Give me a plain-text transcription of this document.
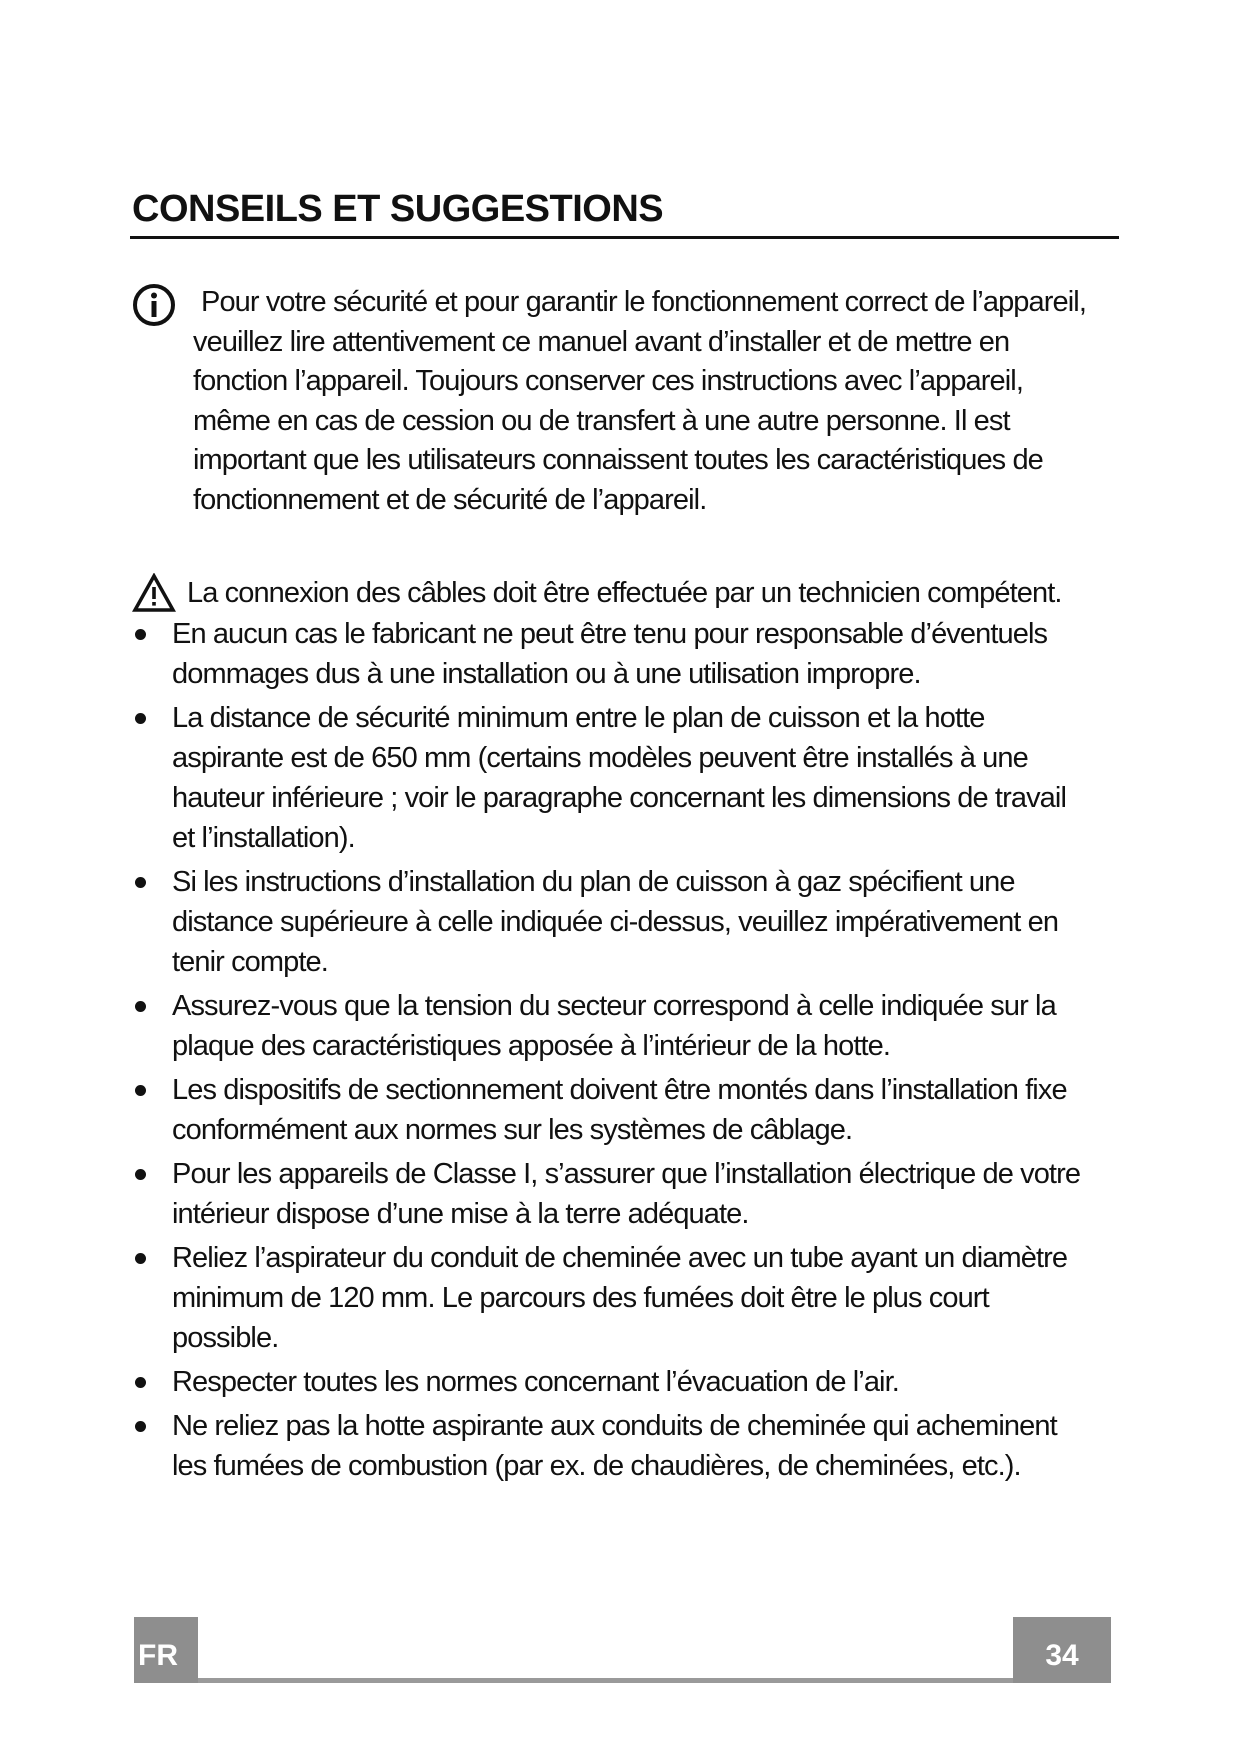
CONSEILS ET SUGGESTIONS

Pour votre sécurité et pour garantir le fonctionnement correct de l’appareil, veuillez lire attentivement ce manuel avant d’installer et de mettre en fonction l’appareil. Toujours conserver ces instructions avec l’appareil, même en cas de cession ou de transfert à une autre personne. Il est important que les utilisateurs connaissent toutes les caractéristiques de fonctionnement et de sécurité de l’appareil.

La connexion des câbles doit être effectuée par un technicien compétent.

En aucun cas le fabricant ne peut être tenu pour responsable d’éventuels dommages dus à une installation ou à une utilisation impropre.
La distance de sécurité minimum entre le plan de cuisson et la hotte aspirante est de 650 mm (certains modèles peuvent être installés à une hauteur inférieure ; voir le paragraphe concernant les dimensions de travail et l’installation).
Si les instructions d’installation du plan de cuisson à gaz spécifient une distance supérieure à celle indiquée ci-dessus, veuillez impérativement en tenir compte.
Assurez-vous que la tension du secteur correspond à celle indiquée sur la plaque des caractéristiques apposée à l’intérieur de la hotte.
Les dispositifs de sectionnement doivent être montés dans l’installation fixe conformément aux normes sur les systèmes de câblage.
Pour les appareils de Classe I, s’assurer que l’installation électrique de votre intérieur dispose d’une mise à la terre adéquate.
Reliez l’aspirateur du conduit de cheminée avec un tube ayant un diamètre minimum de 120 mm. Le parcours des fumées doit être le plus court possible.
Respecter toutes les normes concernant l’évacuation de l’air.
Ne reliez pas la hotte aspirante aux conduits de cheminée qui acheminent les fumées de combustion (par ex. de chaudières, de cheminées, etc.).
FR	34
